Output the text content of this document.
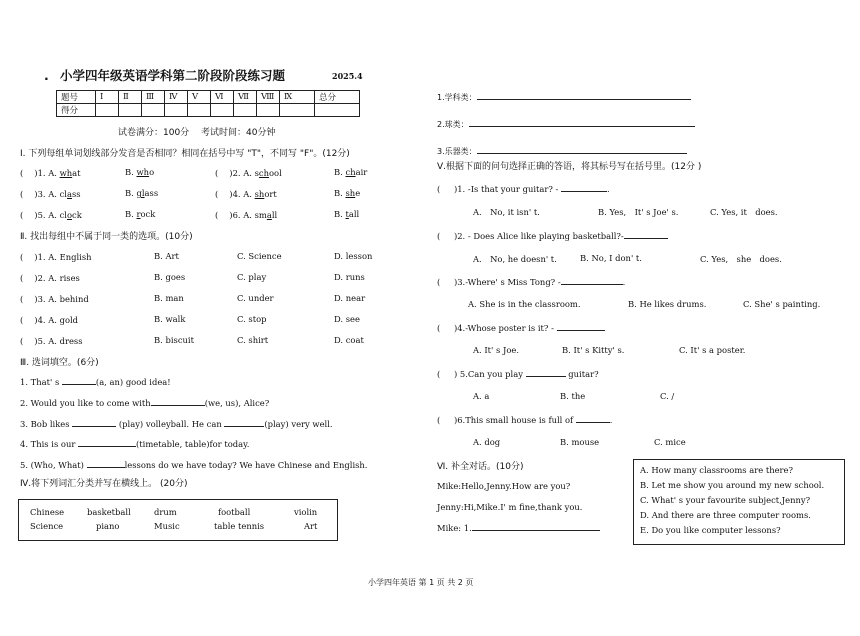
. 小学四年级英语学科第二阶段阶段练习题	2025.4
题号	Ⅰ	Ⅱ	Ⅲ	Ⅳ	Ⅴ	Ⅵ	Ⅶ	Ⅷ	Ⅸ	总分
得分										
试卷满分：100分　 考试时间：40分钟
Ⅰ. 下列每组单词划线部分发音是否相同？相同在括号中写 "T"，不同写 "F"。(12分)
( 　)1. A. what	B. who	( 　)2. A. school	B. chair
( 　)3. A. class	B. glass	( 　)4. A. short	B. she
( 　)5. A. clock	B. rock	( 　)6. A. small	B. tall
Ⅱ. 找出每组中不属于同一类的选项。(10分)
( 　)1. A. English	B. Art	C. Science	D. lesson
( 　)2. A. rises	B. goes	C. play	D. runs
( 　)3. A. behind	B. man	C. under	D. near
( 　)4. A. gold	B. walk	C. stop	D. see
( 　)5. A. dress	B. biscuit	C. shirt	D. coat
Ⅲ. 选词填空。(6分)
1. That' s	(a, an) good idea!
2. Would you like to come with	(we, us), Alice?
3. Bob likes	(play) volleyball. He can	(play) very well.
4. This is our	(timetable, table)for today.
5. (Who, What)	lessons do we have today? We have Chinese and English.
Ⅳ.将下列词汇分类并写在横线上。 (20分)
Chinese	basketball	drum	football	violin
Science	piano	Music	table tennis	Art
1.学科类：
2.球类：
3.乐器类：
Ⅴ.根据下面的问句选择正确的答语，将其标号写在括号里。(12分 )
( 　 )1. -Is that your guitar? -	.
A.　No, it isn' t.	B. Yes,　It' s Joe' s.	C. Yes, it　does.
( 　 )2. - Does Alice like playing basketball?-
A.　No, he doesn' t.	B. No, I don' t.	C. Yes,　she　does.
( 　 )3.-Where' s Miss Tong? -	.
A. She is in the classroom.	B. He likes drums.	C. She' s painting.
( 　 )4.-Whose poster is it? -
A. It' s Joe.	B. It' s Kitty' s.	C. It' s a poster.
( 　 ) 5.Can you play	guitar?
A. a	B. the	C. /
( 　 )6.This small house is full of	.
A. dog	B. mouse	C. mice
Ⅵ. 补全对话。(10分)
Mike:Hello,Jenny.How are you?
Jenny:Hi,Mike.I' m fine,thank you.
Mike: 1.
A. How many classrooms are there?
B. Let me show you around my new school.
C. What' s your favourite subject,Jenny?
D. And there are three computer rooms.
E. Do you like computer lessons?
小学四年英语 第 1 页 共 2 页
